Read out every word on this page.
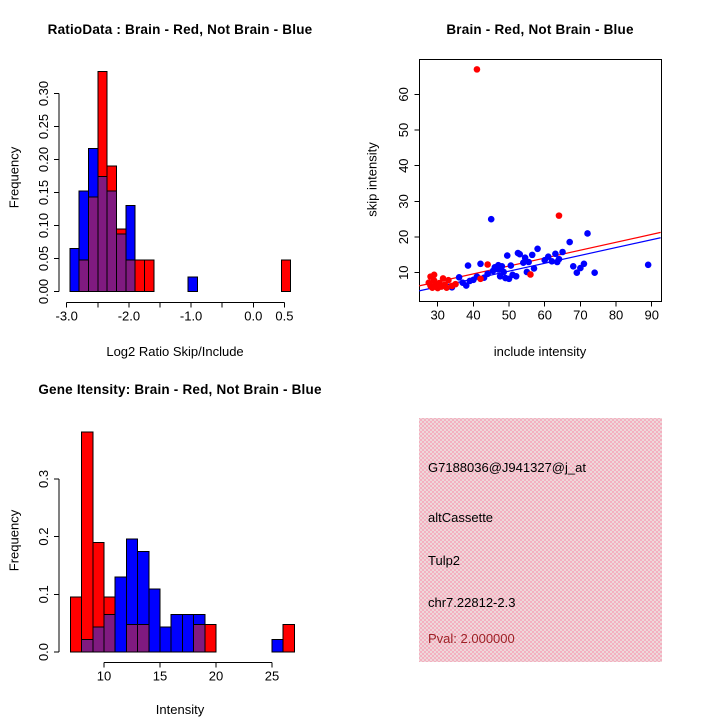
-3.0	-2.0	-1.0	0.0 0.5
0.00
0.05
0.10
0.15
0.20
0.25
0.30
30 40 50 60 70 80 90
10
20
30
40
50
60
10	15	20	25
0.0
0.1
0.2
0.3
RatioData : Brain - Red, Not Brain - Blue	Brain - Red, Not Brain - Blue
Gene Itensity: Brain - Red, Not Brain - Blue
Frequency
Log2 Ratio Skip/Include
skip intensity
include intensity
Frequency
Intensity
G7188036@J941327@j_at
altCassette
Tulp2
chr7.22812-2.3
Pval: 2.000000
